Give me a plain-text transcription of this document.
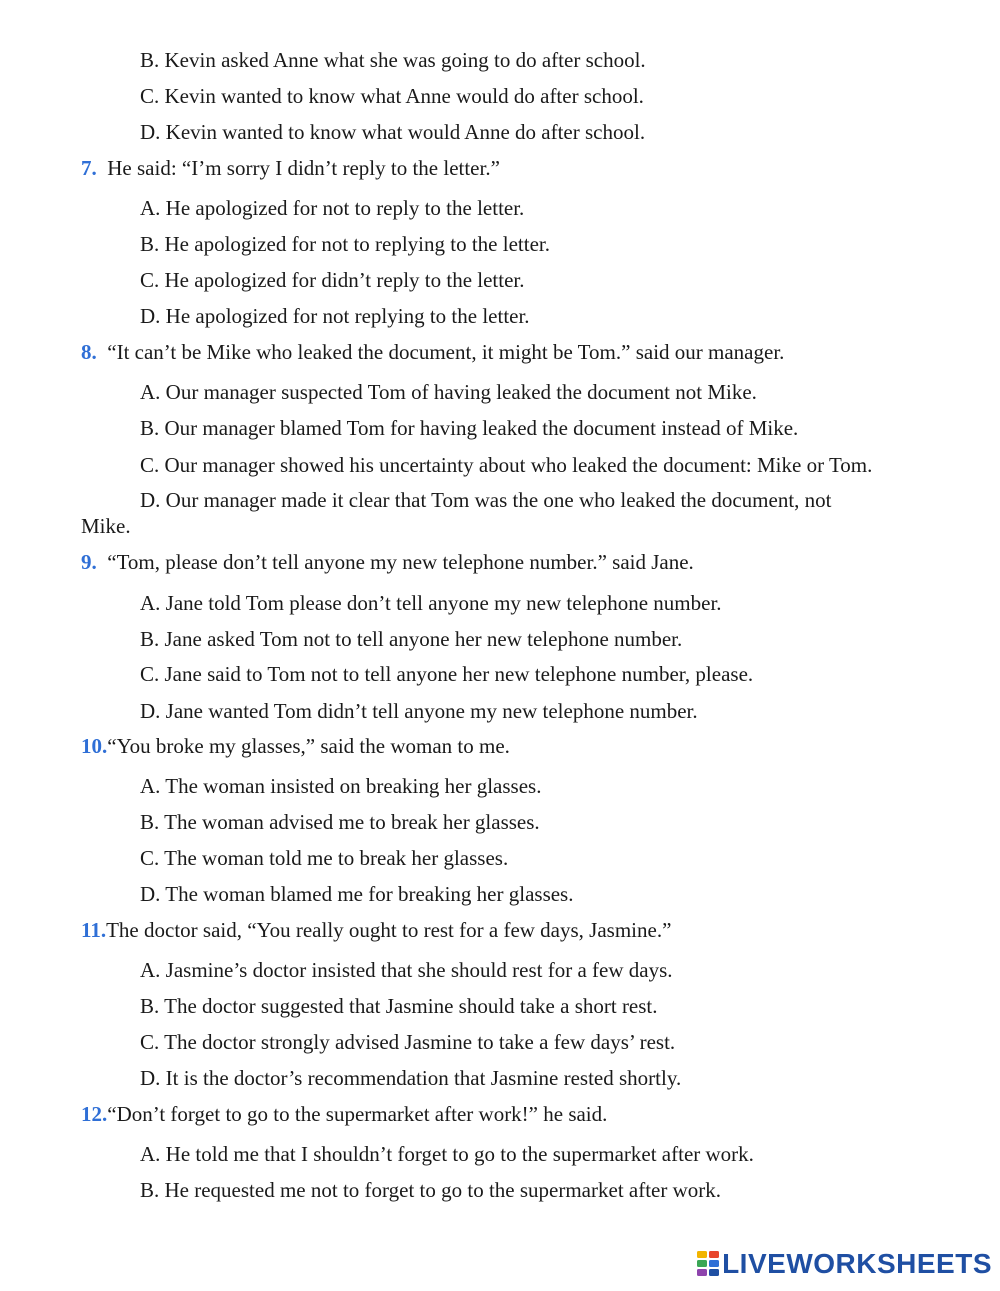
B. Kevin asked Anne what she was going to do after school.
C. Kevin wanted to know what Anne would do after school.
D. Kevin wanted to know what would Anne do after school.
7. He said: “I’m sorry I didn’t reply to the letter.”
A. He apologized for not to reply to the letter.
B. He apologized for not to replying to the letter.
C. He apologized for didn’t reply to the letter.
D. He apologized for not replying to the letter.
8. “It can’t be Mike who leaked the document, it might be Tom.” said our manager.
A. Our manager suspected Tom of having leaked the document not Mike.
B. Our manager blamed Tom for having leaked the document instead of Mike.
C. Our manager showed his uncertainty about who leaked the document: Mike or Tom.
D. Our manager made it clear that Tom was the one who leaked the document, not
Mike.
9. “Tom, please don’t tell anyone my new telephone number.” said Jane.
A. Jane told Tom please don’t tell anyone my new telephone number.
B. Jane asked Tom not to tell anyone her new telephone number.
C. Jane said to Tom not to tell anyone her new telephone number, please.
D. Jane wanted Tom didn’t tell anyone my new telephone number.
10.“You broke my glasses,” said the woman to me.
A. The woman insisted on breaking her glasses.
B. The woman advised me to break her glasses.
C. The woman told me to break her glasses.
D. The woman blamed me for breaking her glasses.
11.The doctor said, “You really ought to rest for a few days, Jasmine.”
A. Jasmine’s doctor insisted that she should rest for a few days.
B. The doctor suggested that Jasmine should take a short rest.
C. The doctor strongly advised Jasmine to take a few days’ rest.
D. It is the doctor’s recommendation that Jasmine rested shortly.
12.“Don’t forget to go to the supermarket after work!” he said.
A. He told me that I shouldn’t forget to go to the supermarket after work.
B. He requested me not to forget to go to the supermarket after work.
LIVEWORKSHEETS
